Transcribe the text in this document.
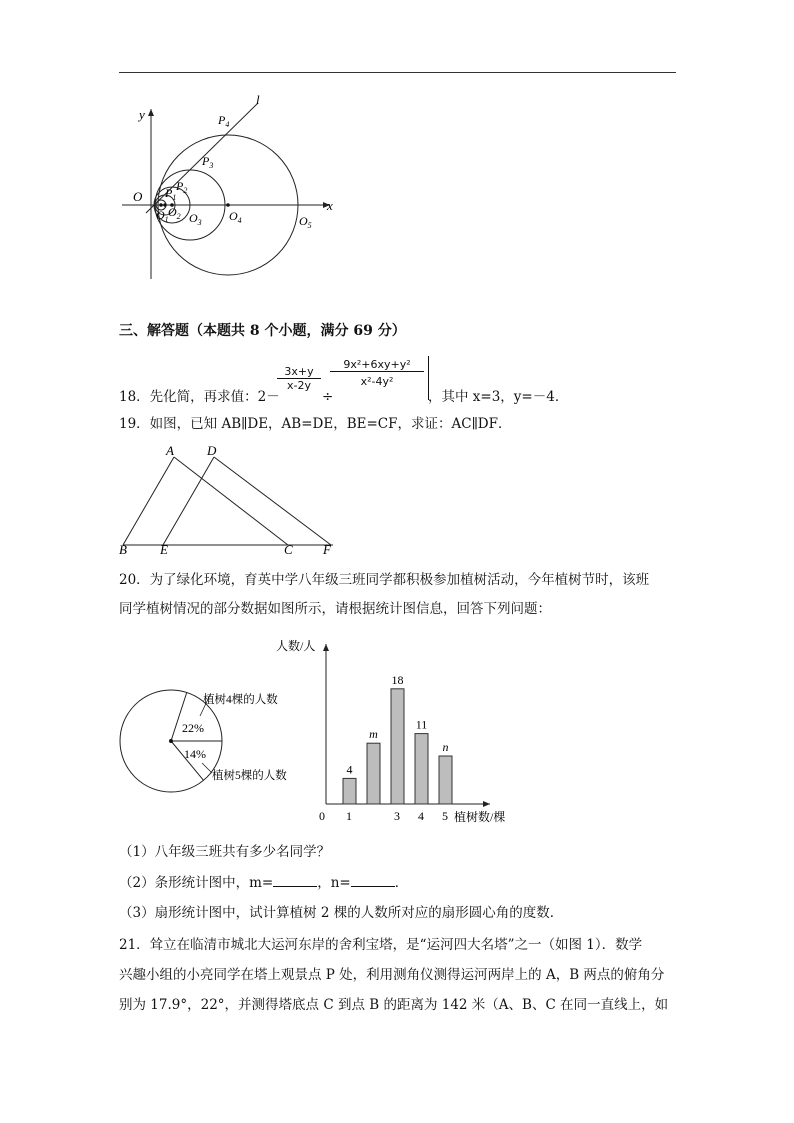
y
x
l
O $P_1$
$P_2$
$P_3$
$P_4$
$O_1$
$O_2$ $O_3$ $O_4$	$O_5$
三、解答题（本题共 8 个小题，满分 69 分）
18．先化简，再求值：2－
$\frac{3x+y}{x-2y}$
÷
$\frac{\text{9x²+6xy+y²}}{\text{x²-4y²}}$ ，其中 x=3，y=－4．
19．如图，已知 AB∥DE，AB=DE，BE=CF，求证：AC∥DF．
A	D
B	E	C F
20．为了绿化环境，育英中学八年级三班同学都积极参加植树活动，今年植树节时，该班
同学植树情况的部分数据如图所示，请根据统计图信息，回答下列问题：
22%
14%
植树4棵的人数
植树5棵的人数
人数/人
植树数/棵
0 1	3 4 5
4
m
18
11
n
（1）八年级三班共有多少名同学？
（2）条形统计图中，m=	，n=	．
（3）扇形统计图中，试计算植树 2 棵的人数所对应的扇形圆心角的度数．
21．耸立在临清市城北大运河东岸的舍利宝塔，是“运河四大名塔”之一（如图 1）．数学
兴趣小组的小亮同学在塔上观景点 P 处，利用测角仪测得运河两岸上的 A，B 两点的俯角分
别为 17.9°，22°，并测得塔底点 C 到点 B 的距离为 142 米（A、B、C 在同一直线上，如
